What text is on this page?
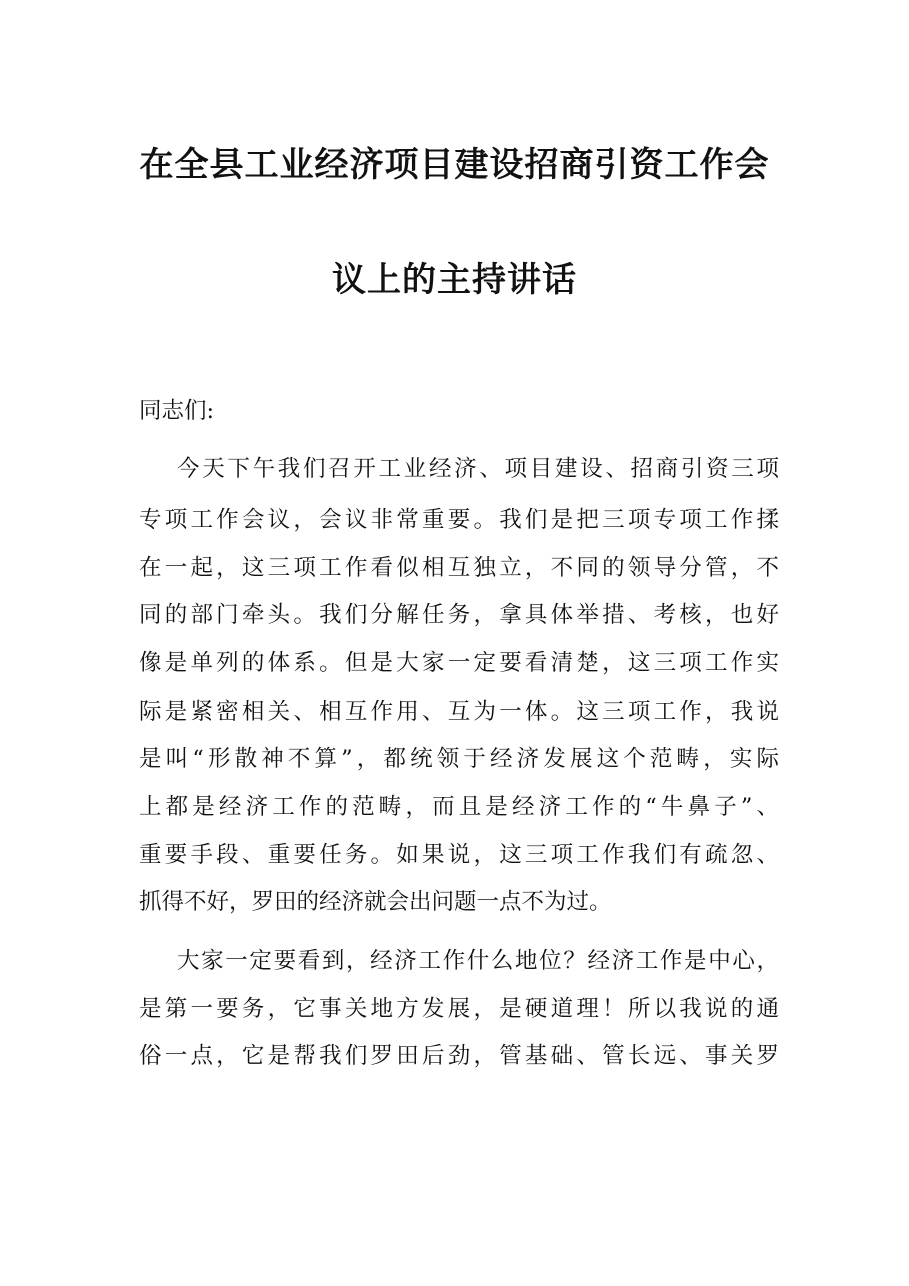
在全县工业经济项目建设招商引资工作会
议上的主持讲话
同志们:
今天下午我们召开工业经济、项目建设、招商引资三项
专项工作会议，会议非常重要。我们是把三项专项工作揉
在一起，这三项工作看似相互独立，不同的领导分管，不
同的部门牵头。我们分解任务，拿具体举措、考核，也好
像是单列的体系。但是大家一定要看清楚，这三项工作实
际是紧密相关、相互作用、互为一体。这三项工作，我说
是叫“形散神不算”，都统领于经济发展这个范畴，实际
上都是经济工作的范畴，而且是经济工作的“牛鼻子”、
重要手段、重要任务。如果说，这三项工作我们有疏忽、
抓得不好，罗田的经济就会出问题一点不为过。
大家一定要看到，经济工作什么地位？经济工作是中心，
是第一要务，它事关地方发展，是硬道理！所以我说的通
俗一点，它是帮我们罗田后劲，管基础、管长远、事关罗
